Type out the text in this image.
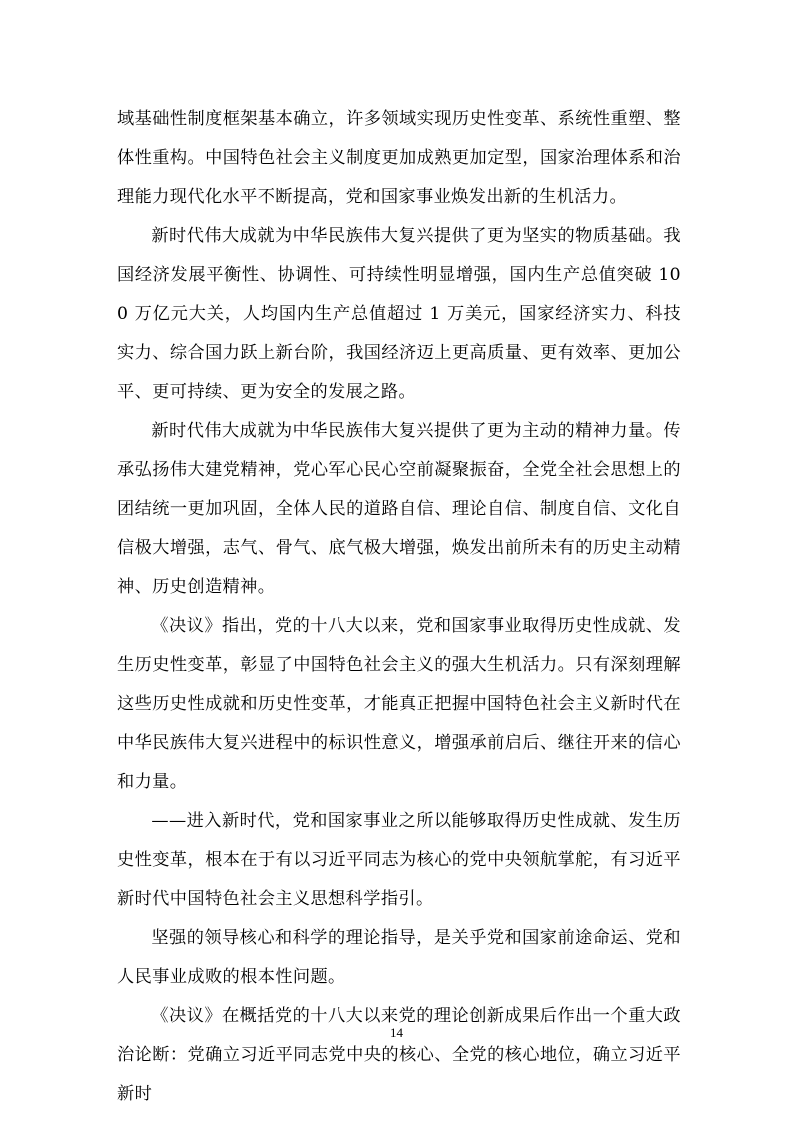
域基础性制度框架基本确立，许多领域实现历史性变革、系统性重塑、整体性重构。中国特色社会主义制度更加成熟更加定型，国家治理体系和治理能力现代化水平不断提高，党和国家事业焕发出新的生机活力。

新时代伟大成就为中华民族伟大复兴提供了更为坚实的物质基础。我国经济发展平衡性、协调性、可持续性明显增强，国内生产总值突破 100 万亿元大关，人均国内生产总值超过 1 万美元，国家经济实力、科技实力、综合国力跃上新台阶，我国经济迈上更高质量、更有效率、更加公平、更可持续、更为安全的发展之路。

新时代伟大成就为中华民族伟大复兴提供了更为主动的精神力量。传承弘扬伟大建党精神，党心军心民心空前凝聚振奋，全党全社会思想上的团结统一更加巩固，全体人民的道路自信、理论自信、制度自信、文化自信极大增强，志气、骨气、底气极大增强，焕发出前所未有的历史主动精神、历史创造精神。

《决议》指出，党的十八大以来，党和国家事业取得历史性成就、发生历史性变革，彰显了中国特色社会主义的强大生机活力。只有深刻理解这些历史性成就和历史性变革，才能真正把握中国特色社会主义新时代在中华民族伟大复兴进程中的标识性意义，增强承前启后、继往开来的信心和力量。

——进入新时代，党和国家事业之所以能够取得历史性成就、发生历史性变革，根本在于有以习近平同志为核心的党中央领航掌舵，有习近平新时代中国特色社会主义思想科学指引。

坚强的领导核心和科学的理论指导，是关乎党和国家前途命运、党和人民事业成败的根本性问题。

《决议》在概括党的十八大以来党的理论创新成果后作出一个重大政治论断：党确立习近平同志党中央的核心、全党的核心地位，确立习近平新时

14
